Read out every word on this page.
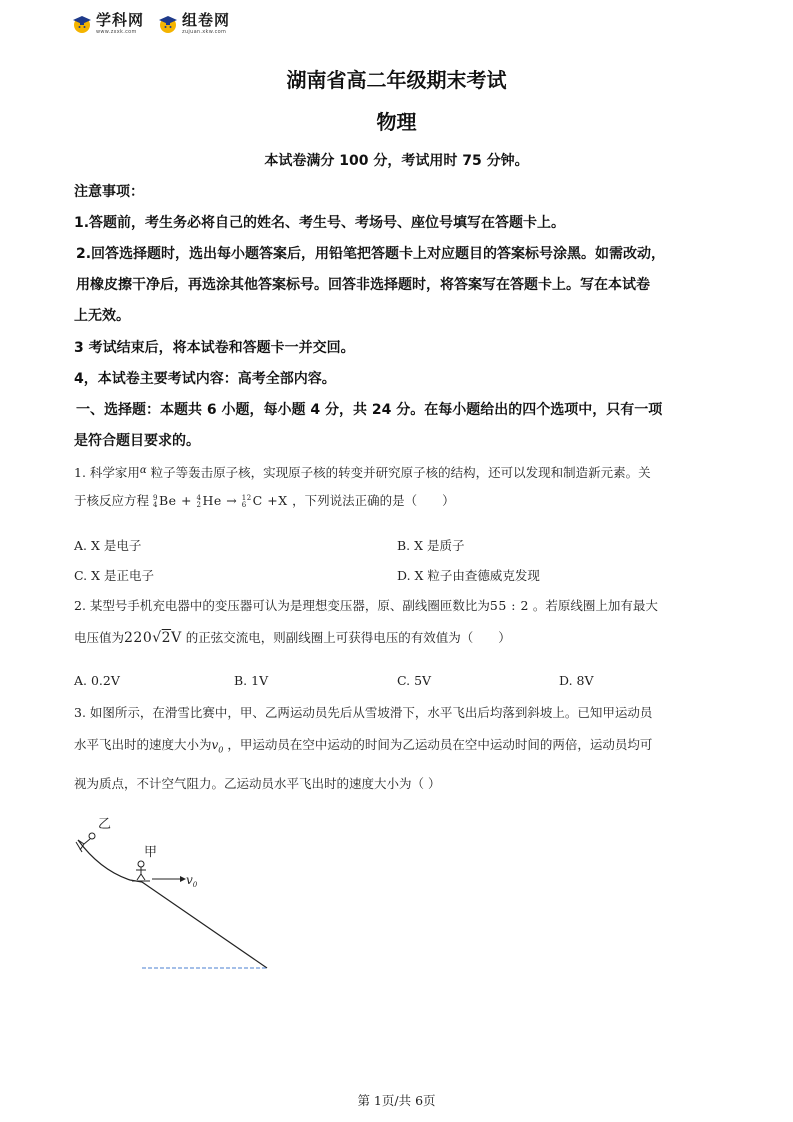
学科网
www.zxxk.com
组卷网
zujuan.xkw.com
湖南省高二年级期末考试
物理
本试卷满分 100 分，考试用时 75 分钟。
注意事项：
1.答题前，考生务必将自己的姓名、考生号、考场号、座位号填写在答题卡上。
2.回答选择题时，选出每小题答案后，用铅笔把答题卡上对应题目的答案标号涂黑。如需改动，
用橡皮擦干净后，再选涂其他答案标号。回答非选择题时，将答案写在答题卡上。写在本试卷
上无效。
3 考试结束后，将本试卷和答题卡一并交回。
4，本试卷主要考试内容：高考全部内容。
一、选择题：本题共 6 小题，每小题 4 分，共 24 分。在每小题给出的四个选项中，只有一项
是符合题目要求的。
1. 科学家用$^\alpha$ 粒子等轰击原子核，实现原子核的转变并研究原子核的结构，还可以发现和制造新元素。关
于核反应方程 9
4 Be + 4
2 He → 12
6 C +X ，下列说法正确的是（　　）
A. X 是电子	B. X 是质子
C. X 是正电子	D. X 粒子由查德威克发现
2. 某型号手机充电器中的变压器可认为是理想变压器，原、副线圈匝数比为55 : 2 。若原线圈上加有最大
电压值为220√2V 的正弦交流电，则副线圈上可获得电压的有效值为（　　）
A. 0.2V	B. 1V	C. 5V	D. 8V
3. 如图所示，在滑雪比赛中，甲、乙两运动员先后从雪坡滑下，水平飞出后均落到斜坡上。已知甲运动员
水平飞出时的速度大小为$v_0$ ，甲运动员在空中运动的时间为乙运动员在空中运动时间的两倍，运动员均可
视为质点，不计空气阻力。乙运动员水平飞出时的速度大小为（ ）
乙
甲
$v_0$
第 1页/共 6页
